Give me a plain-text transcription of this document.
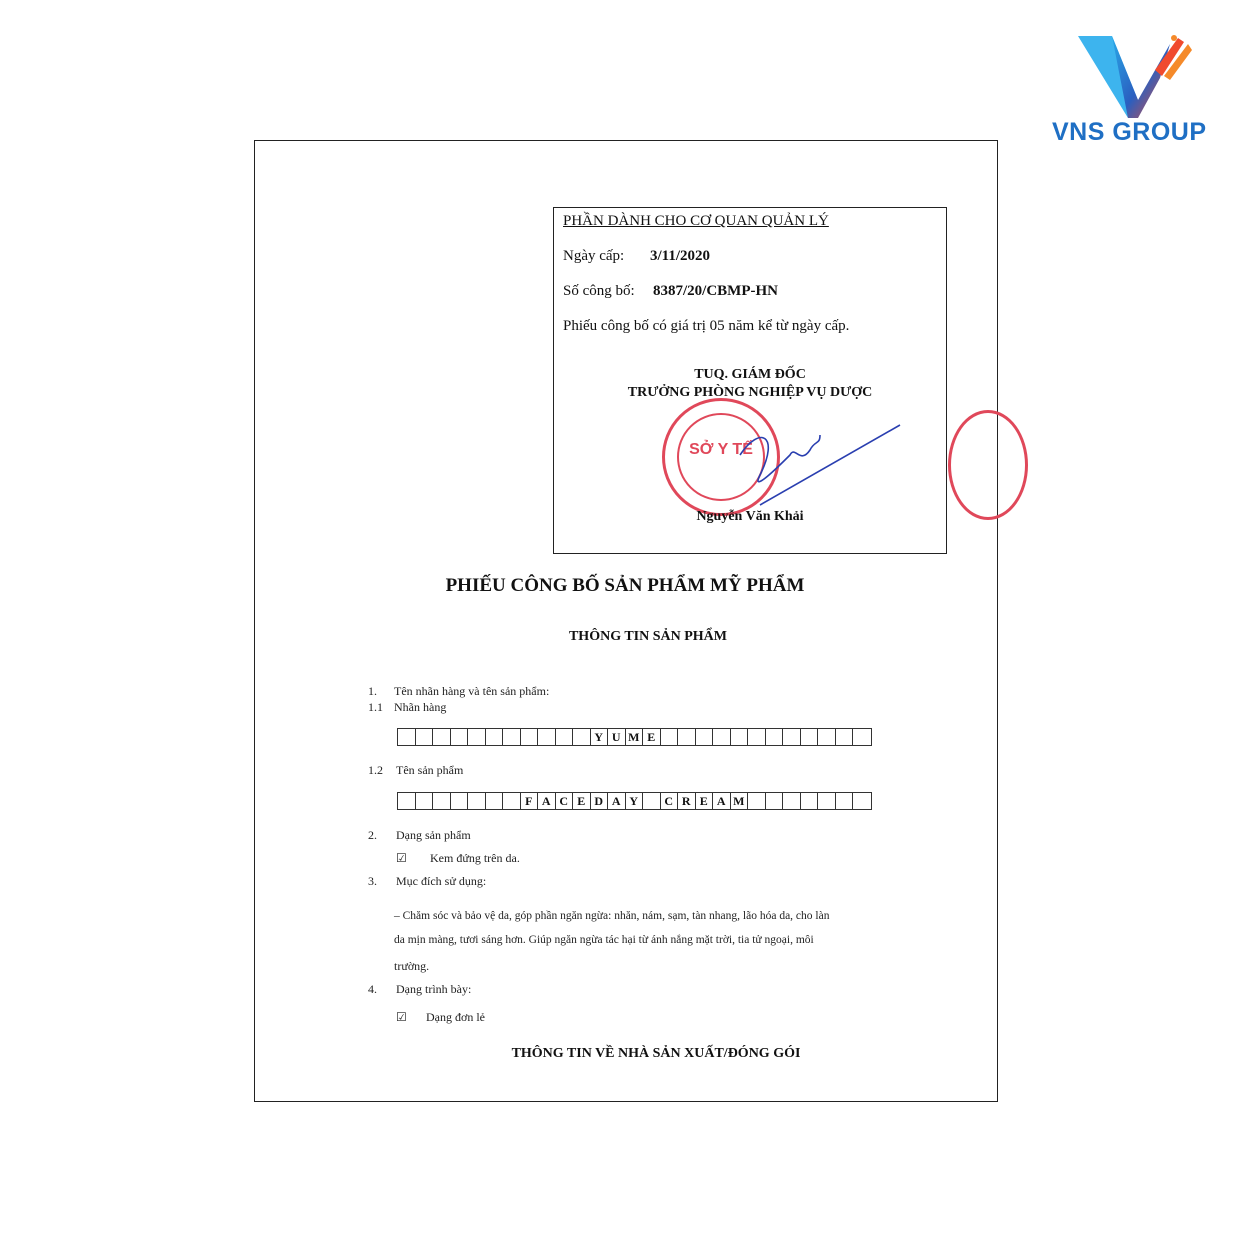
VNS GROUP
PHẦN DÀNH CHO CƠ QUAN QUẢN LÝ
Ngày cấp: 3/11/2020
Số công bố: 8387/20/CBMP-HN
Phiếu công bố có giá trị 05 năm kể từ ngày cấp.
TUQ. GIÁM ĐỐC
TRƯỞNG PHÒNG NGHIỆP VỤ DƯỢC
SỞ Y TẾ
Nguyễn Văn Khải
PHIẾU CÔNG BỐ SẢN PHẨM MỸ PHẨM
THÔNG TIN SẢN PHẨM
1. Tên nhãn hàng và tên sản phẩm:
1.1 Nhãn hàng
Y U M E
1.2 Tên sản phẩm
F A C E D A Y	C R E A M
2. Dạng sản phẩm
☑ Kem đứng trên da.
3. Mục đích sử dụng:
– Chăm sóc và bảo vệ da, góp phần ngăn ngừa: nhăn, nám, sạm, tàn nhang, lão hóa da, cho làn
da mịn màng, tươi sáng hơn. Giúp ngăn ngừa tác hại từ ánh nắng mặt trời, tia tử ngoại, môi
trường.
4. Dạng trình bày:
☑ Dạng đơn lẻ
THÔNG TIN VỀ NHÀ SẢN XUẤT/ĐÓNG GÓI
